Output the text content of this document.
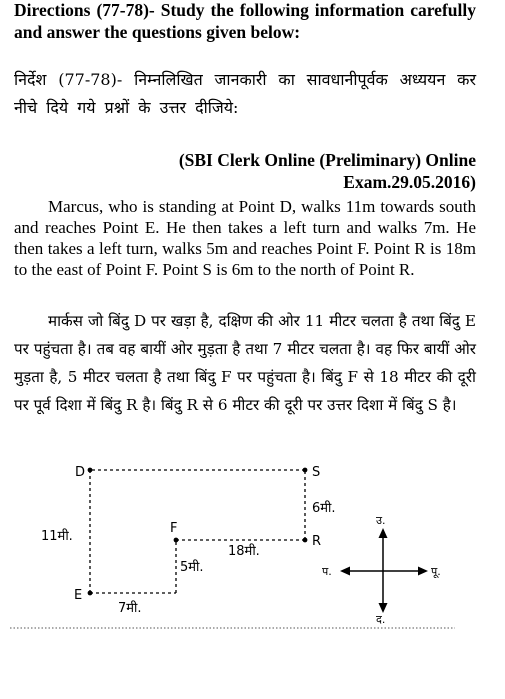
Directions (77-78)- Study the following information carefully and answer the questions given below:
निर्देश (77-78)- निम्नलिखित जानकारी का सावधानीपूर्वक अध्ययन कर नीचे दिये गये प्रश्नों के उत्तर दीजिये:
(SBI Clerk Online (Preliminary) Online
Exam.29.05.2016)
Marcus, who is standing at Point D, walks 11m towards south and reaches Point E. He then takes a left turn and walks 7m. He then takes a left turn, walks 5m and reaches Point F. Point R is 18m to the east of Point F. Point S is 6m to the north of Point R.
मार्कस जो बिंदु D पर खड़ा है, दक्षिण की ओर 11 मीटर चलता है तथा बिंदु E पर पहुंचता है। तब वह बायीं ओर मुड़ता है तथा 7 मीटर चलता है। वह फिर बायीं ओर मुड़ता है, 5 मीटर चलता है तथा बिंदु F पर पहुंचता है। बिंदु F से 18 मीटर की दूरी पर पूर्व दिशा में बिंदु R है। बिंदु R से 6 मीटर की दूरी पर उत्तर दिशा में बिंदु S है।
D	S
F
R
E
11मी.
7मी.
5मी.
18मी.
6मी.
उ.
द.
प.	पू.
